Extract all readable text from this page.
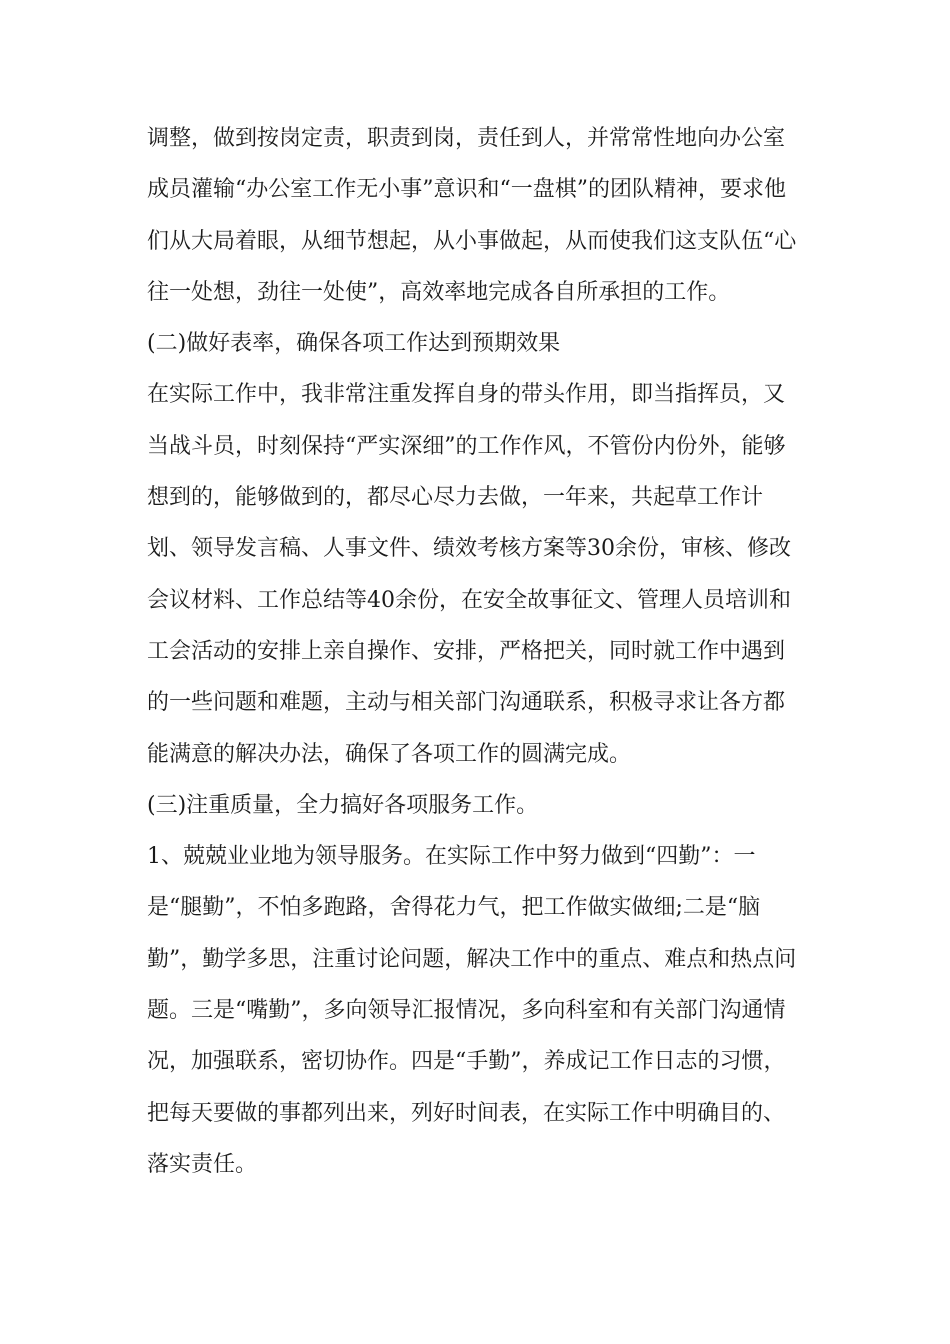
调整，做到按岗定责，职责到岗，责任到人，并常常性地向办公室
成员灌输“办公室工作无小事”意识和“一盘棋”的团队精神，要求他
们从大局着眼，从细节想起，从小事做起，从而使我们这支队伍“心
往一处想，劲往一处使”，高效率地完成各自所承担的工作。
(二)做好表率，确保各项工作达到预期效果
在实际工作中，我非常注重发挥自身的带头作用，即当指挥员，又
当战斗员，时刻保持“严实深细”的工作作风，不管份内份外，能够
想到的，能够做到的，都尽心尽力去做，一年来，共起草工作计
划、领导发言稿、人事文件、绩效考核方案等30余份，审核、修改
会议材料、工作总结等40余份，在安全故事征文、管理人员培训和
工会活动的安排上亲自操作、安排，严格把关，同时就工作中遇到
的一些问题和难题，主动与相关部门沟通联系，积极寻求让各方都
能满意的解决办法，确保了各项工作的圆满完成。
(三)注重质量，全力搞好各项服务工作。
1、兢兢业业地为领导服务。在实际工作中努力做到“四勤”：一
是“腿勤”，不怕多跑路，舍得花力气，把工作做实做细;二是“脑
勤”，勤学多思，注重讨论问题，解决工作中的重点、难点和热点问
题。三是“嘴勤”，多向领导汇报情况，多向科室和有关部门沟通情
况，加强联系，密切协作。四是“手勤”，养成记工作日志的习惯，
把每天要做的事都列出来，列好时间表，在实际工作中明确目的、
落实责任。
